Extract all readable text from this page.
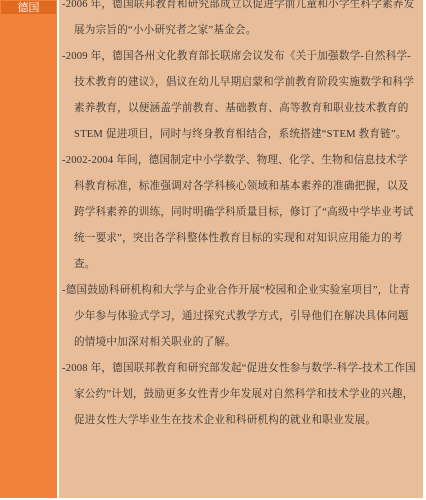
德国	-2006 年，德国联邦教育和研究部成立以促进学前儿童和小学生科学素养发展为宗旨的“小小研究者之家”基金会。

-2009 年，德国各州文化教育部长联席会议发布《关于加强数学-自然科学-技术教育的建议》，倡议在幼儿早期启蒙和学前教育阶段实施数学和科学素养教育，以便涵盖学前教育、基础教育、高等教育和职业技术教育的 STEM 促进项目，同时与终身教育相结合，系统搭建“STEM 教育链”。

-2002-2004 年间，德国制定中小学数学、物理、化学、生物和信息技术学科教育标准，标准强调对各学科核心领域和基本素养的准确把握，以及跨学科素养的训练，同时明确学科质量目标，修订了“高级中学毕业考试统一要求”，突出各学科整体性教育目标的实现和对知识应用能力的考查。

-德国鼓励科研机构和大学与企业合作开展“校园和企业实验室项目”，让青少年参与体验式学习，通过探究式教学方式，引导他们在解决具体问题的情境中加深对相关职业的了解。

-2008 年，德国联邦教育和研究部发起“促进女性参与数学-科学-技术工作国家公约”计划，鼓励更多女性青少年发展对自然科学和技术学业的兴趣，促进女性大学毕业生在技术企业和科研机构的就业和职业发展。
